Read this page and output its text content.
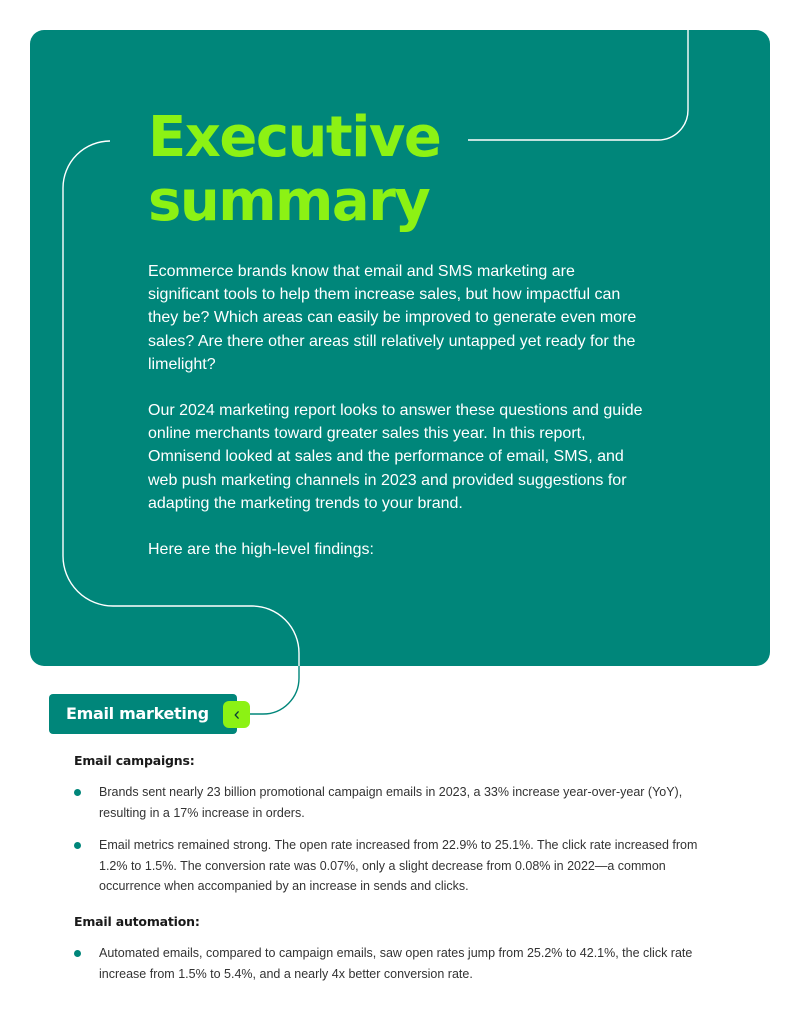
Executive
summary

Ecommerce brands know that email and SMS marketing are significant tools to help them increase sales, but how impactful can they be? Which areas can easily be improved to generate even more sales? Are there other areas still relatively untapped yet ready for the limelight?

Our 2024 marketing report looks to answer these questions and guide online merchants toward greater sales this year. In this report, Omnisend looked at sales and the performance of email, SMS, and web push marketing channels in 2023 and provided suggestions for adapting the marketing trends to your brand.

Here are the high-level findings:

Email marketing
Email campaigns:
Brands sent nearly 23 billion promotional campaign emails in 2023, a 33% increase year-over-year (YoY), resulting in a 17% increase in orders.
Email metrics remained strong. The open rate increased from 22.9% to 25.1%. The click rate increased from 1.2% to 1.5%. The conversion rate was 0.07%, only a slight decrease from 0.08% in 2022—a common occurrence when accompanied by an increase in sends and clicks.
Email automation:
Automated emails, compared to campaign emails, saw open rates jump from 25.2% to 42.1%, the click rate increase from 1.5% to 5.4%, and a nearly 4x better conversion rate.
